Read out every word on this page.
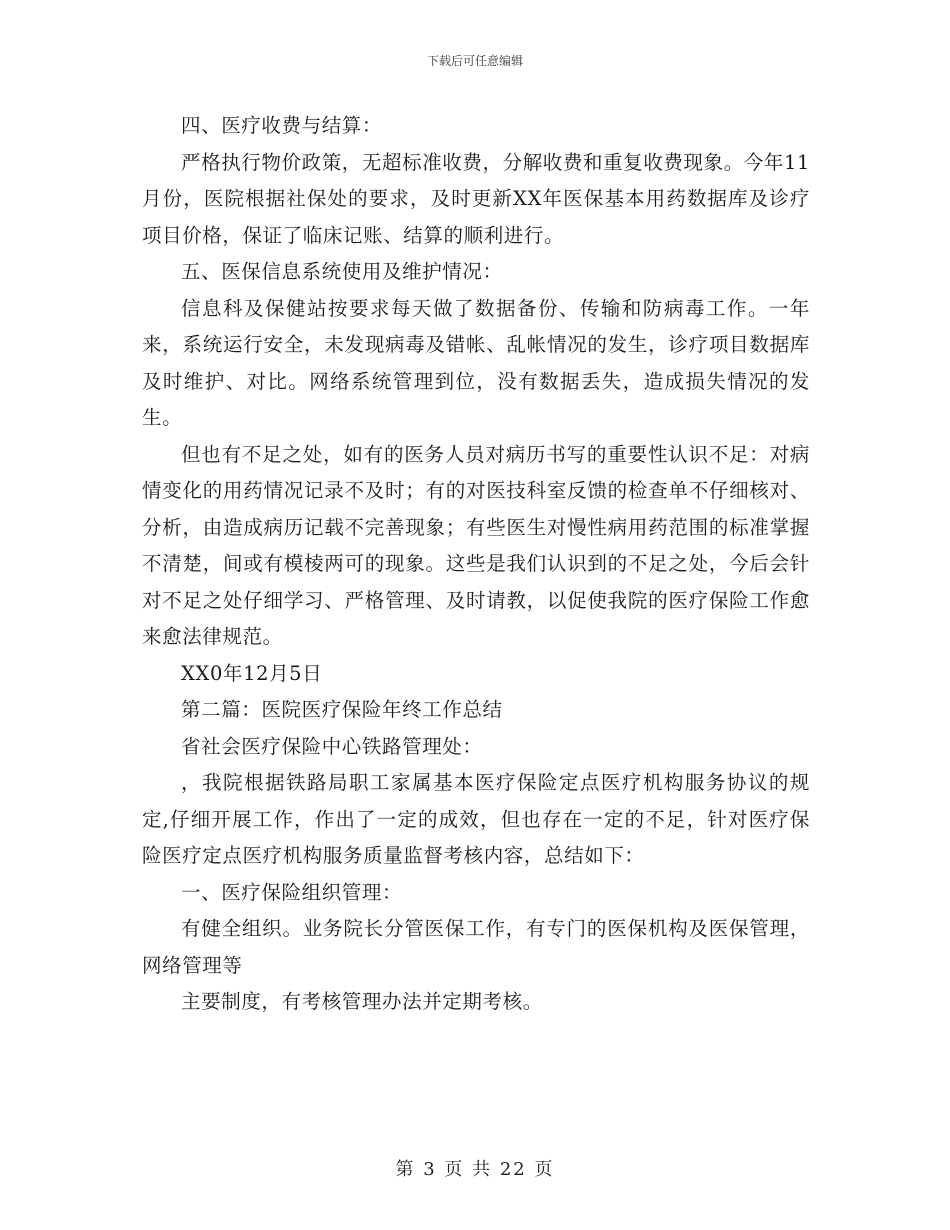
下载后可任意编辑

四、医疗收费与结算：

严格执行物价政策，无超标准收费，分解收费和重复收费现象。今年11月份，医院根据社保处的要求，及时更新XX年医保基本用药数据库及诊疗项目价格，保证了临床记账、结算的顺利进行。

五、医保信息系统使用及维护情况：

信息科及保健站按要求每天做了数据备份、传输和防病毒工作。一年来，系统运行安全，未发现病毒及错帐、乱帐情况的发生，诊疗项目数据库及时维护、对比。网络系统管理到位，没有数据丢失，造成损失情况的发生。

但也有不足之处，如有的医务人员对病历书写的重要性认识不足：对病情变化的用药情况记录不及时；有的对医技科室反馈的检查单不仔细核对、分析，由造成病历记载不完善现象；有些医生对慢性病用药范围的标准掌握不清楚，间或有模棱两可的现象。这些是我们认识到的不足之处，今后会针对不足之处仔细学习、严格管理、及时请教，以促使我院的医疗保险工作愈来愈法律规范。

XX0年12月5日

第二篇：医院医疗保险年终工作总结

省社会医疗保险中心铁路管理处：

，我院根据铁路局职工家属基本医疗保险定点医疗机构服务协议的规定,仔细开展工作，作出了一定的成效，但也存在一定的不足，针对医疗保险医疗定点医疗机构服务质量监督考核内容，总结如下：

一、医疗保险组织管理：

有健全组织。业务院长分管医保工作，有专门的医保机构及医保管理，网络管理等

主要制度，有考核管理办法并定期考核。

第 3 页 共 22 页
